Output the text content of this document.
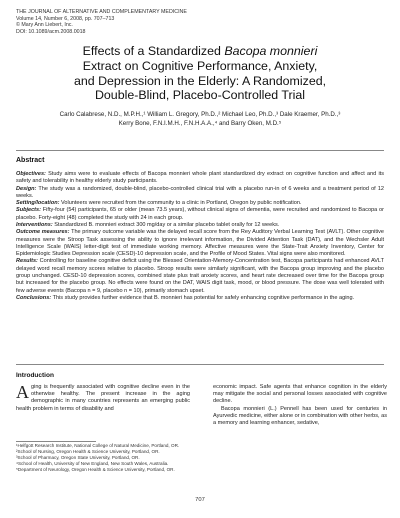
THE JOURNAL OF ALTERNATIVE AND COMPLEMENTARY MEDICINE
Volume 14, Number 6, 2008, pp. 707–713
© Mary Ann Liebert, Inc.
DOI: 10.1089/acm.2008.0018
Effects of a Standardized Bacopa monnieri
Extract on Cognitive Performance, Anxiety,
and Depression in the Elderly: A Randomized,
Double-Blind, Placebo-Controlled Trial
Carlo Calabrese, N.D., M.P.H.,¹ William L. Gregory, Ph.D.,² Michael Leo, Ph.D.,³ Dale Kraemer, Ph.D.,³
Kerry Bone, F.N.I.M.H., F.N.H.A.A.,⁴ and Barry Oken, M.D.⁵
Abstract

Objectives: Study aims were to evaluate effects of Bacopa monnieri whole plant standardized dry extract on cognitive function and affect and its safety and tolerability in healthy elderly study participants.

Design: The study was a randomized, double-blind, placebo-controlled clinical trial with a placebo run-in of 6 weeks and a treatment period of 12 weeks.

Setting/location: Volunteers were recruited from the community to a clinic in Portland, Oregon by public notification.

Subjects: Fifty-four (54) participants, 65 or older (mean 73.5 years), without clinical signs of dementia, were recruited and randomized to Bacopa or placebo. Forty-eight (48) completed the study with 24 in each group.

Interventions: Standardized B. monnieri extract 300 mg/day or a similar placebo tablet orally for 12 weeks.

Outcome measures: The primary outcome variable was the delayed recall score from the Rey Auditory Verbal Learning Test (AVLT). Other cognitive measures were the Stroop Task assessing the ability to ignore irrelevant information, the Divided Attention Task (DAT), and the Wechsler Adult Intelligence Scale (WAIS) letter-digit test of immediate working memory. Affective measures were the State-Trait Anxiety Inventory, Center for Epidemiologic Studies Depression scale (CESD)-10 depression scale, and the Profile of Mood States. Vital signs were also monitored.

Results: Controlling for baseline cognitive deficit using the Blessed Orientation-Memory-Concentration test, Bacopa participants had enhanced AVLT delayed word recall memory scores relative to placebo. Stroop results were similarly significant, with the Bacopa group improving and the placebo group unchanged. CESD-10 depression scores, combined state plus trait anxiety scores, and heart rate decreased over time for the Bacopa group but increased for the placebo group. No effects were found on the DAT, WAIS digit task, mood, or blood pressure. The dose was well tolerated with few adverse events (Bacopa n = 9, placebo n = 10), primarily stomach upset.

Conclusions: This study provides further evidence that B. monnieri has potential for safely enhancing cognitive performance in the aging.

Introduction

Aging is frequently associated with cognitive decline even in the otherwise healthy. The present increase in the aging demographic in many countries represents an emerging public health problem in terms of disability and

economic impact. Safe agents that enhance cognition in the elderly may mitigate the social and personal losses associated with cognitive decline.

Bacopa monnieri (L.) Pennell has been used for centuries in Ayurvedic medicine, either alone or in combination with other herbs, as a memory and learning enhancer, sedative,

¹Helfgott Research Institute, National College of Natural Medicine, Portland, OR.
²School of Nursing, Oregon Health & Science University, Portland, OR.
³School of Pharmacy, Oregon State University, Portland, OR.
⁴School of Health, University of New England, New South Wales, Australia.
⁵Department of Neurology, Oregon Health & Science University, Portland, OR.
707
